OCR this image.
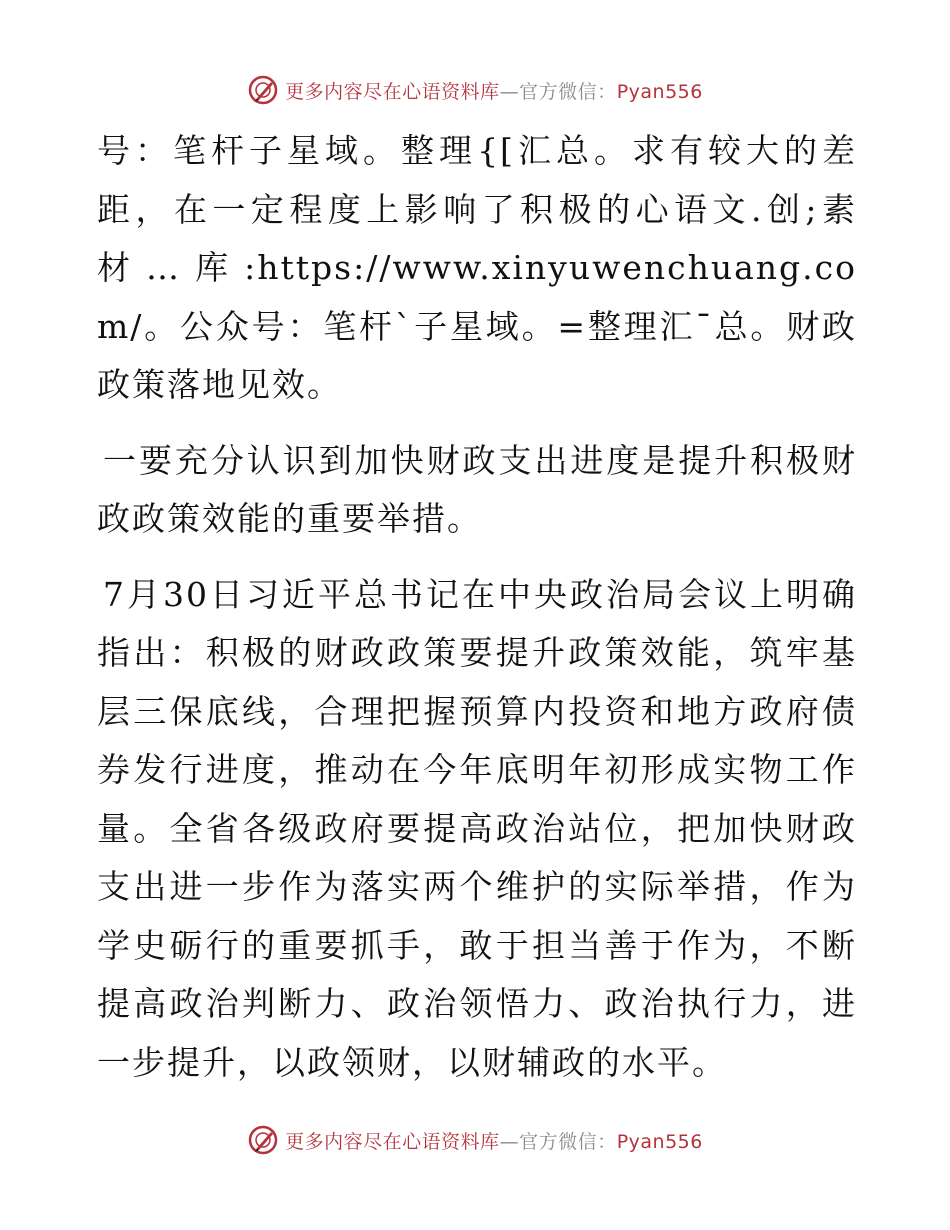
更多内容尽在心语资料库—官方微信：Pyan556

号：笔杆子星域。整理{[汇总。求有较大的差距，在一定程度上影响了积极的心语文.创;素材…库:https://www.xinyuwenchuang.com/。公众号：笔杆`子星域。=整理汇¯总。财政政策落地见效。

一要充分认识到加快财政支出进度是提升积极财政政策效能的重要举措。

7月30日习近平总书记在中央政治局会议上明确指出：积极的财政政策要提升政策效能，筑牢基层三保底线，合理把握预算内投资和地方政府债券发行进度，推动在今年底明年初形成实物工作量。全省各级政府要提高政治站位，把加快财政支出进一步作为落实两个维护的实际举措，作为学史砺行的重要抓手，敢于担当善于作为，不断提高政治判断力、政治领悟力、政治执行力，进一步提升，以政领财，以财辅政的水平。

更多内容尽在心语资料库—官方微信：Pyan556
